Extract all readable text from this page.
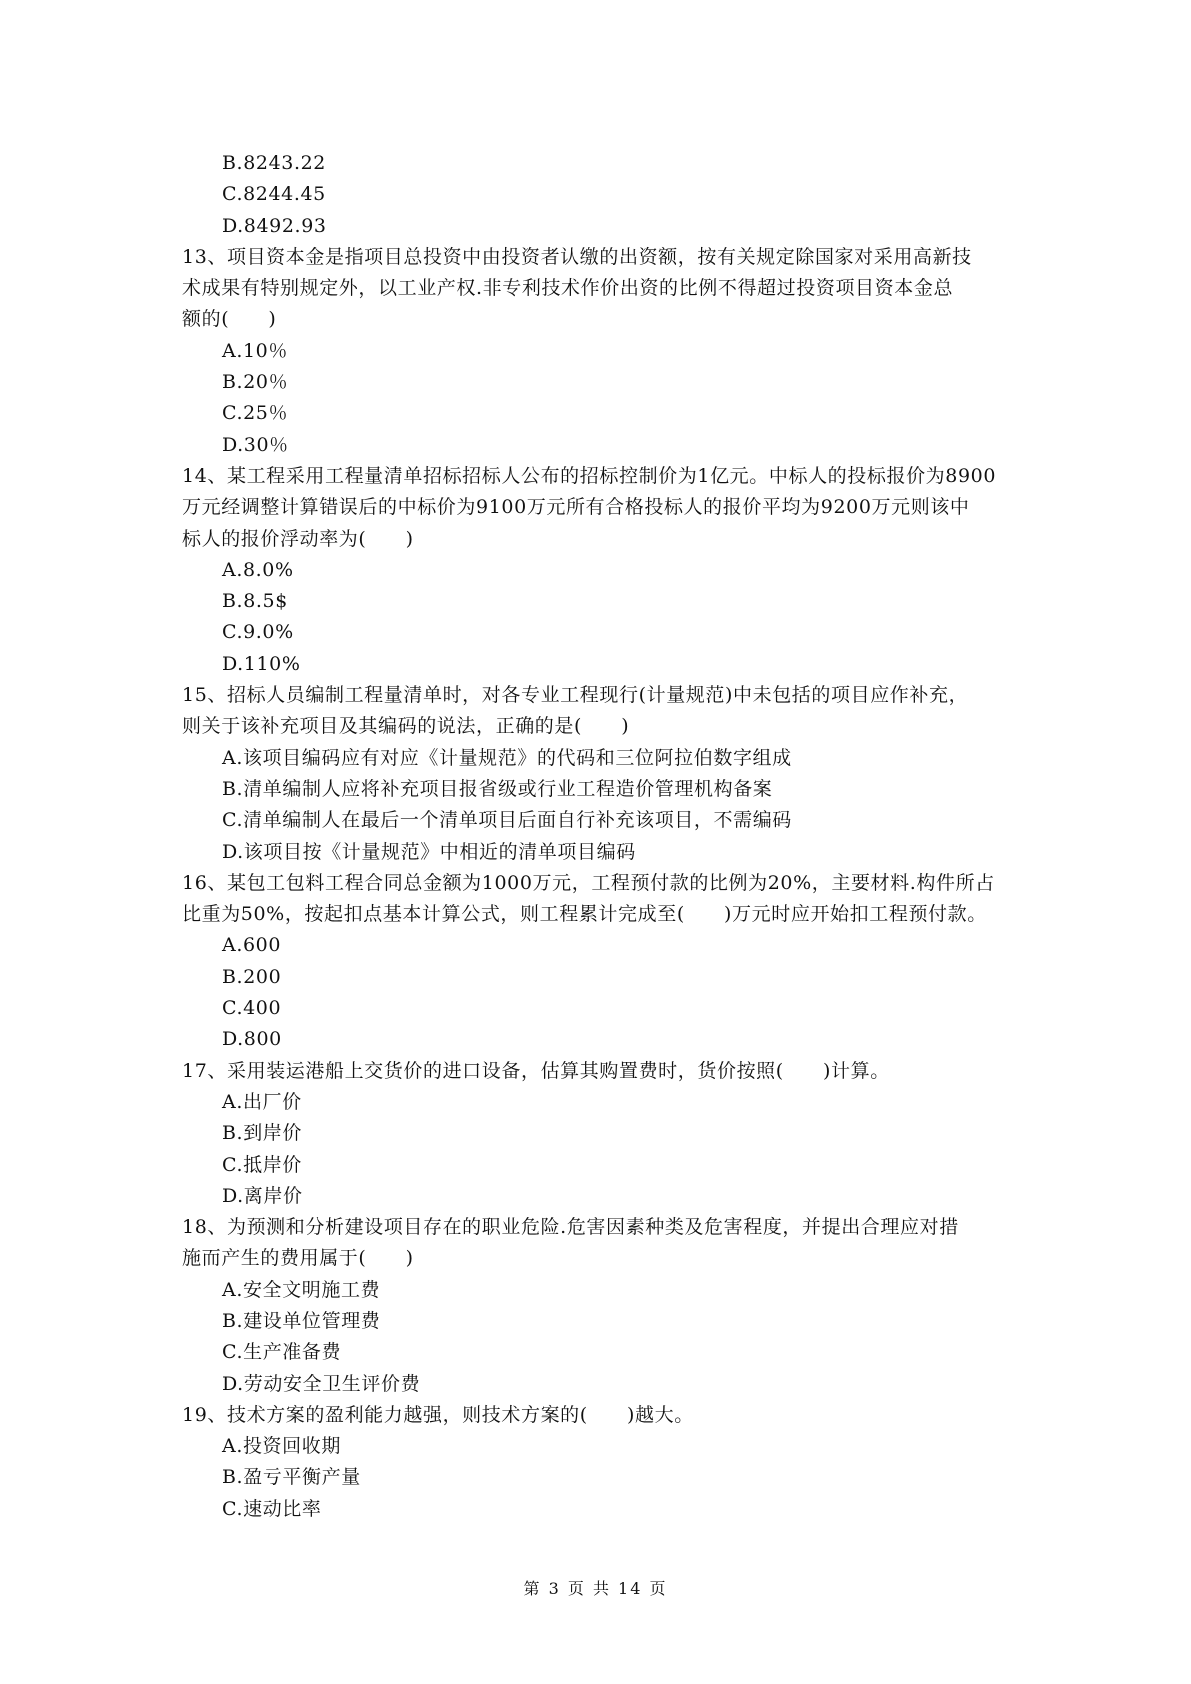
B.8243.22
C.8244.45
D.8492.93
13、项目资本金是指项目总投资中由投资者认缴的出资额，按有关规定除国家对采用高新技
术成果有特别规定外，以工业产权.非专利技术作价出资的比例不得超过投资项目资本金总
额的(　　)
A.10％
B.20％
C.25％
D.30％
14、某工程采用工程量清单招标招标人公布的招标控制价为1亿元。中标人的投标报价为8900
万元经调整计算错误后的中标价为9100万元所有合格投标人的报价平均为9200万元则该中
标人的报价浮动率为(　　)
A.8.0%
B.8.5$
C.9.0%
D.110%
15、招标人员编制工程量清单时，对各专业工程现行(计量规范)中未包括的项目应作补充，
则关于该补充项目及其编码的说法，正确的是(　　)
A.该项目编码应有对应《计量规范》的代码和三位阿拉伯数字组成
B.清单编制人应将补充项目报省级或行业工程造价管理机构备案
C.清单编制人在最后一个清单项目后面自行补充该项目，不需编码
D.该项目按《计量规范》中相近的清单项目编码
16、某包工包料工程合同总金额为1000万元，工程预付款的比例为20%，主要材料.构件所占
比重为50%，按起扣点基本计算公式，则工程累计完成至(　　)万元时应开始扣工程预付款。
A.600
B.200
C.400
D.800
17、采用装运港船上交货价的进口设备，估算其购置费时，货价按照(　　)计算。
A.出厂价
B.到岸价
C.抵岸价
D.离岸价
18、为预测和分析建设项目存在的职业危险.危害因素种类及危害程度，并提出合理应对措
施而产生的费用属于(　　)
A.安全文明施工费
B.建设单位管理费
C.生产准备费
D.劳动安全卫生评价费
19、技术方案的盈利能力越强，则技术方案的(　　)越大。
A.投资回收期
B.盈亏平衡产量
C.速动比率
第 3 页 共 14 页
